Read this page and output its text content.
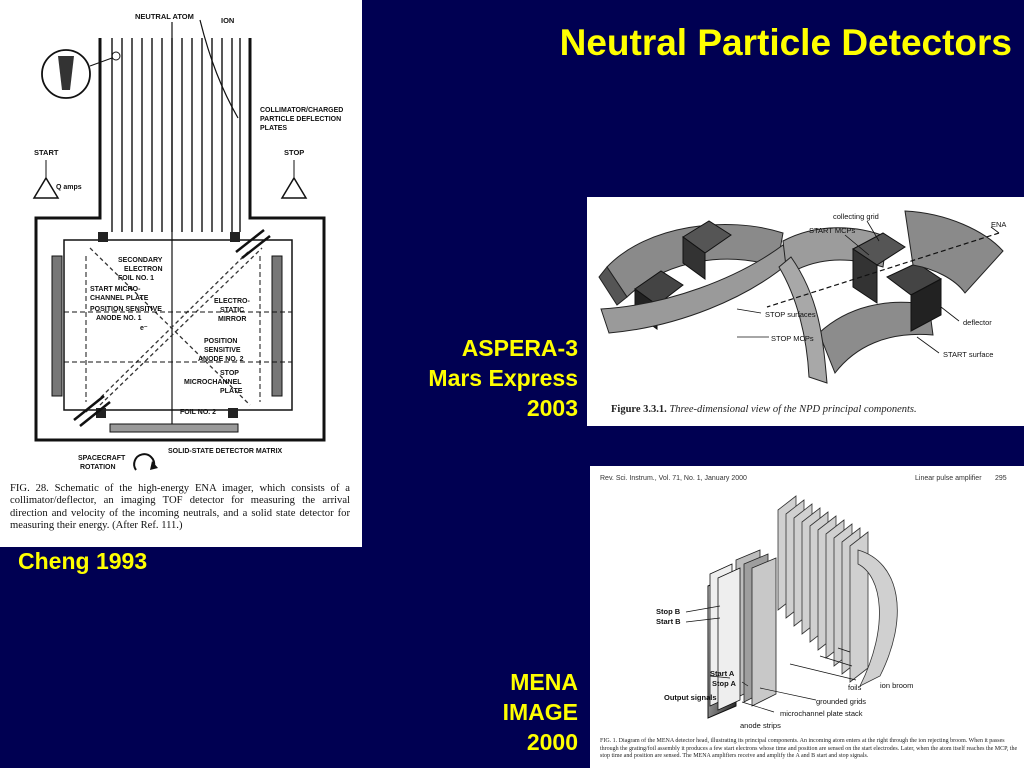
Neutral Particle Detectors
NEUTRAL ATOM	ION
COLLIMATOR/CHARGED
PARTICLE DEFLECTION
PLATES
START	STOP
Q amps
SECONDARY
ELECTRON
FOIL NO. 1
START MICRO-
CHANNEL PLATE
POSITION SENSITIVE
ANODE NO. 1
ELECTRO-
STATIC
MIRROR
POSITION
SENSITIVE
ANODE NO. 2
STOP
MICROCHANNEL
PLATE
FOIL NO. 2
SOLID-STATE DETECTOR MATRIX
SPACECRAFT
ROTATION
e⁻
FIG. 28. Schematic of the high-energy ENA imager, which consists of a collimator/deflector, an imaging TOF detector for measuring the arrival direction and velocity of the incoming neutrals, and a solid state detector for measuring their energy. (After Ref. 111.)
Cheng 1993
ASPERA-3
Mars Express
2003
collecting grid
START MCPs
ENA
STOP surfaces
STOP MCPs
deflector
START surface
Figure 3.3.1. Three-dimensional view of the NPD principal components.
MENA
IMAGE
2000
Rev. Sci. Instrum., Vol. 71, No. 1, January 2000	Linear pulse amplifier 295
Stop B
Start B
Start A
Stop A
Output signals
ion broom
foils
grounded grids
microchannel plate stack
anode strips
FIG. 1. Diagram of the MENA detector head, illustrating its principal components. An incoming atom enters at the right through the ion rejecting broom. When it passes through the grating/foil assembly it produces a few start electrons whose time and position are sensed on the start electrodes. Later, when the atom itself reaches the MCP, the stop time and position are sensed. The MENA amplifiers receive and amplify the A and B start and stop signals.
